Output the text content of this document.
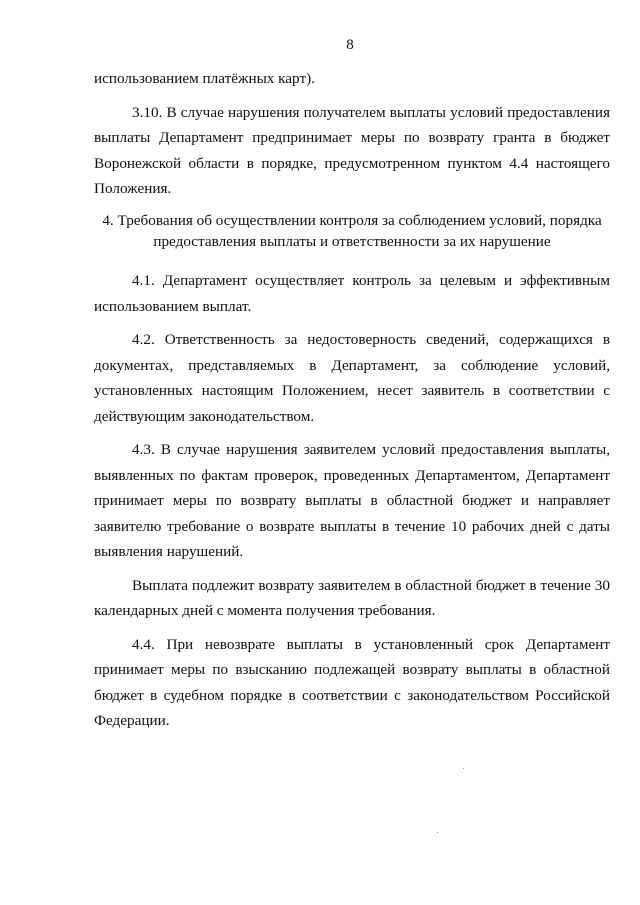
8

использованием платёжных карт).

3.10. В случае нарушения получателем выплаты условий предоставления выплаты Департамент предпринимает меры по возврату гранта в бюджет Воронежской области в порядке, предусмотренном пунктом 4.4 настоящего Положения.

4. Требования об осуществлении контроля за соблюдением условий, порядка предоставления выплаты и ответственности за их нарушение

4.1. Департамент осуществляет контроль за целевым и эффективным использованием выплат.

4.2. Ответственность за недостоверность сведений, содержащихся в документах, представляемых в Департамент, за соблюдение условий, установленных настоящим Положением, несет заявитель в соответствии с действующим законодательством.

4.3. В случае нарушения заявителем условий предоставления выплаты, выявленных по фактам проверок, проведенных Департаментом, Департамент принимает меры по возврату выплаты в областной бюджет и направляет заявителю требование о возврате выплаты в течение 10 рабочих дней с даты выявления нарушений.

Выплата подлежит возврату заявителем в областной бюджет в течение 30 календарных дней с момента получения требования.

4.4. При невозврате выплаты в установленный срок Департамент принимает меры по взысканию подлежащей возврату выплаты в областной бюджет в судебном порядке в соответствии с законодательством Российской Федерации.
